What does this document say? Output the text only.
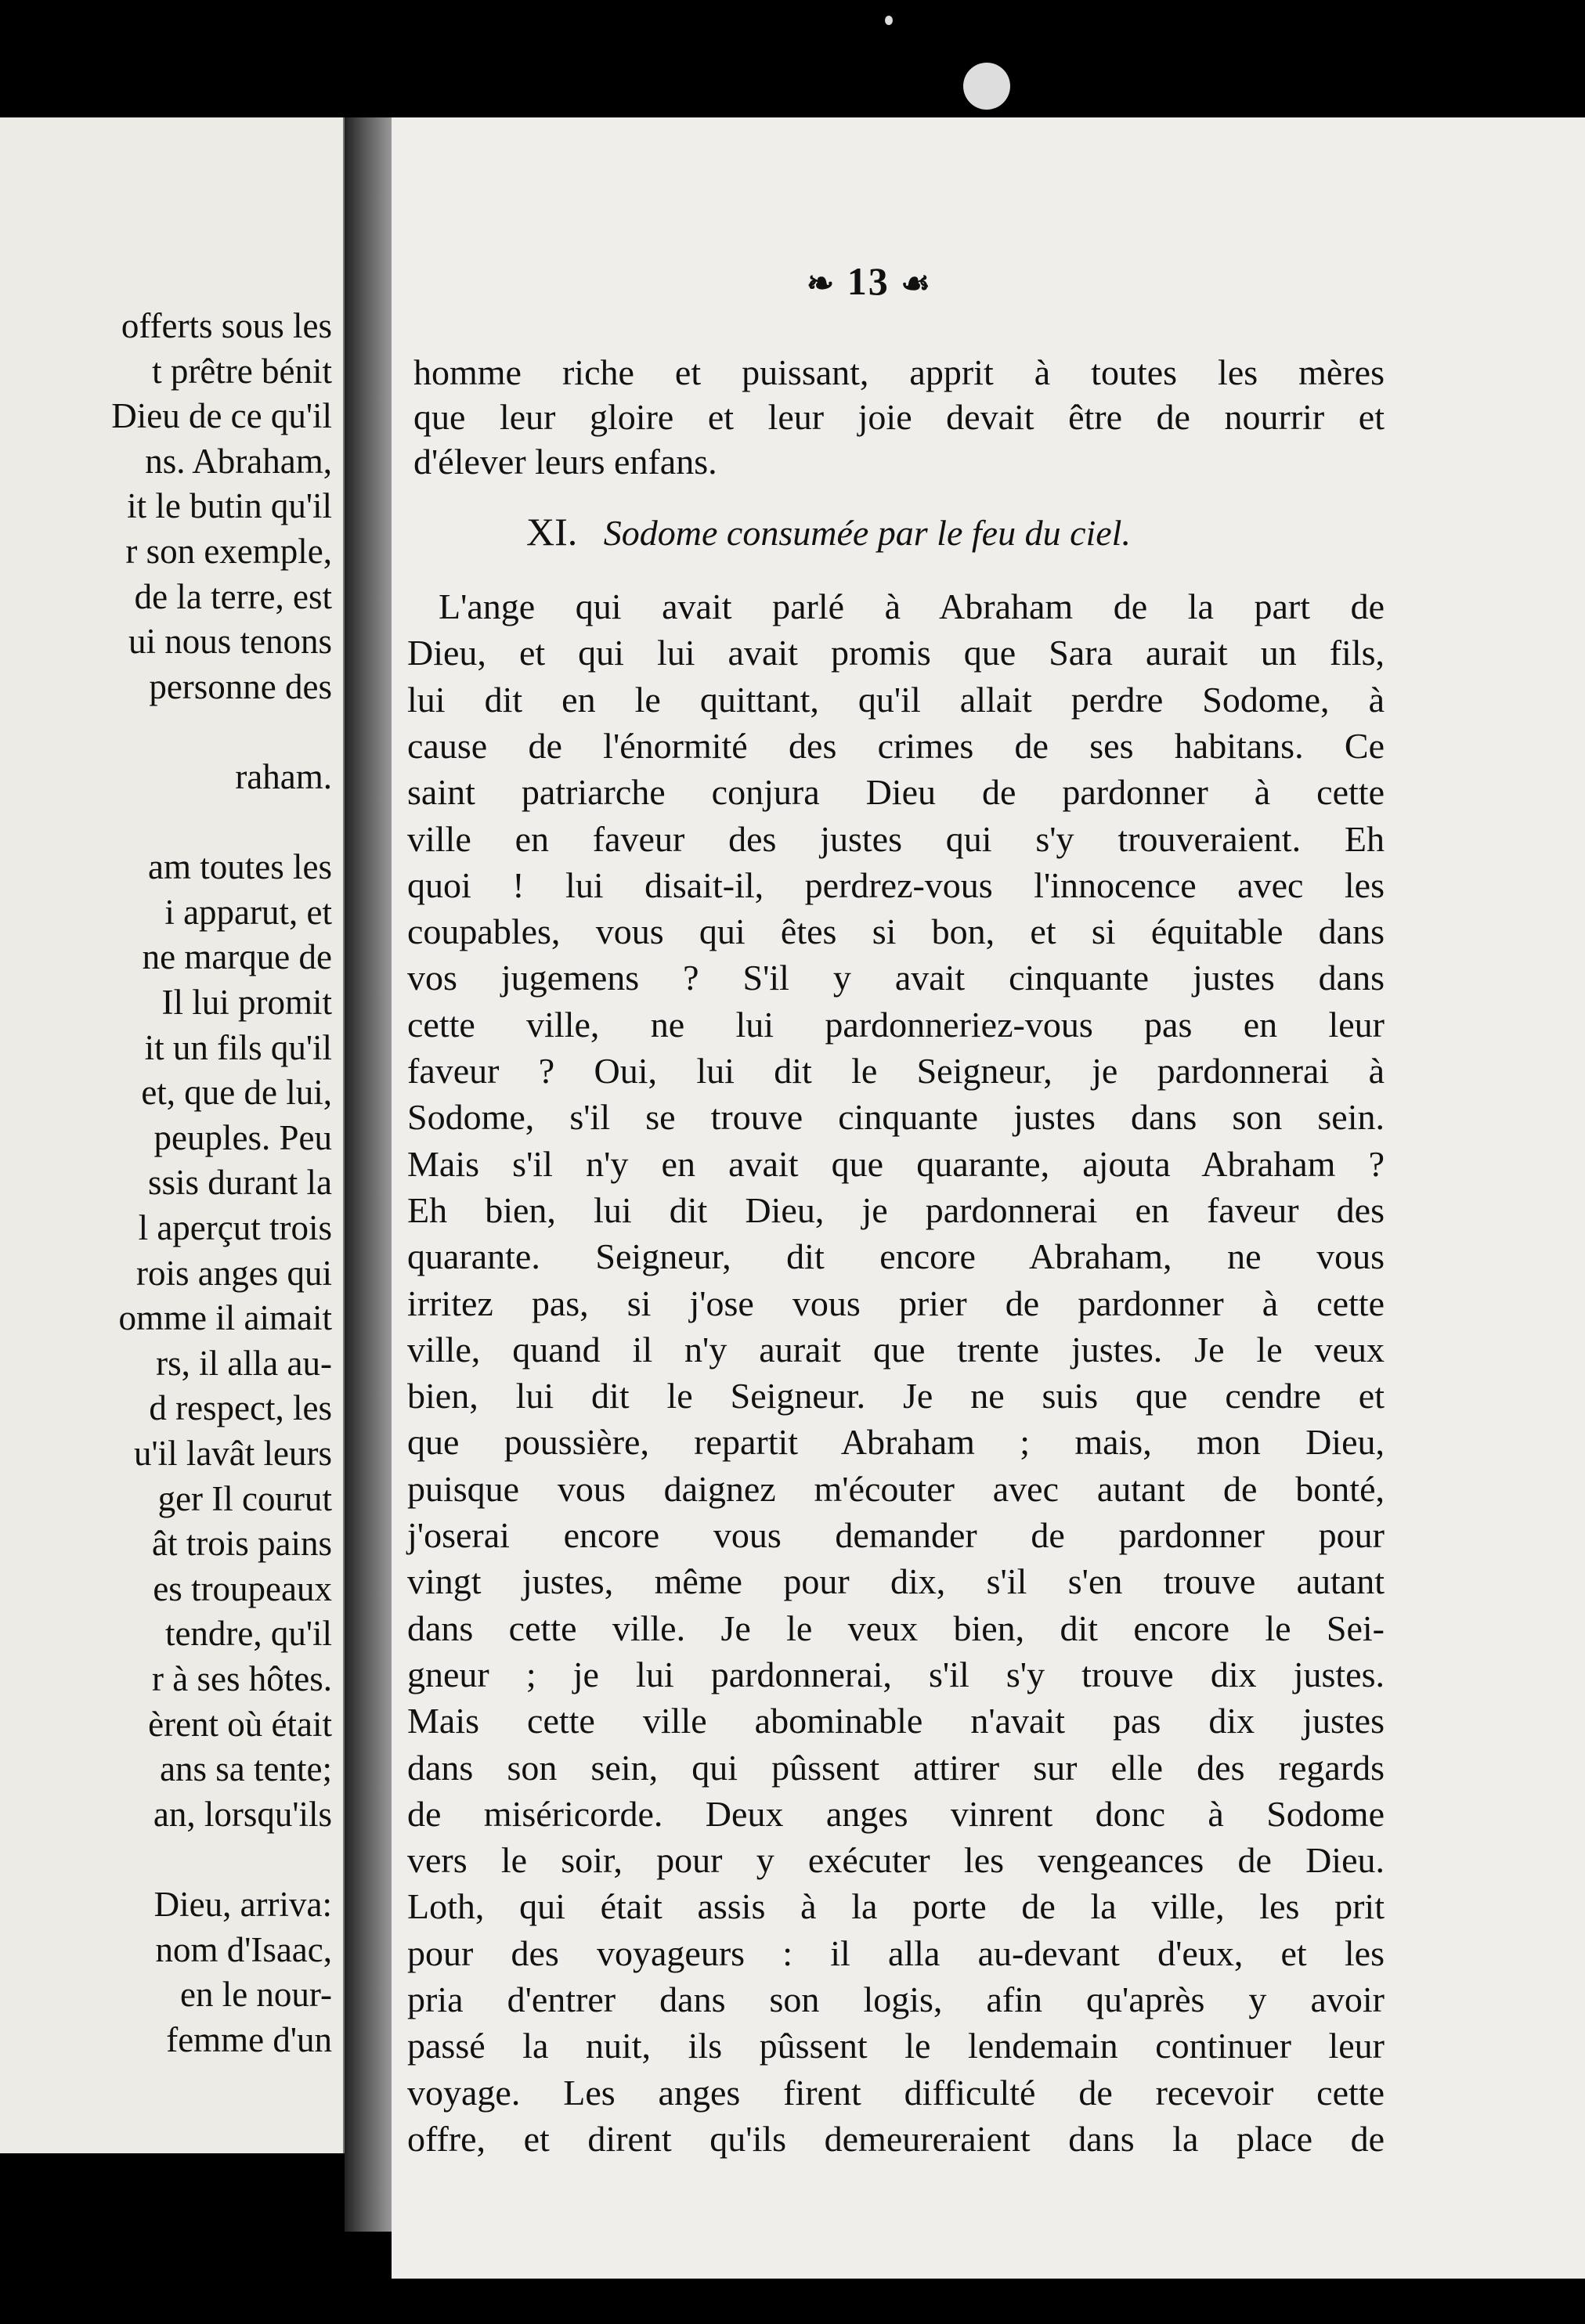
offerts sous les
t prêtre bénit
Dieu de ce qu'il
ns. Abraham,
it le butin qu'il
r son exemple,
de la terre, est
ui nous tenons
personne des
raham.
am toutes les
i apparut, et
ne marque de
Il lui promit
it un fils qu'il
et, que de lui,
peuples. Peu
ssis durant la
l aperçut trois
rois anges qui
omme il aimait
rs, il alla au-
d respect, les
u'il lavât leurs
ger Il courut
ât trois pains
es troupeaux
tendre, qu'il
r à ses hôtes.
èrent où était
ans sa tente;
an, lorsqu'ils
Dieu, arriva:
nom d'Isaac,
en le nour-
femme d'un
❧ 13 ☙
homme riche et puissant, apprit à toutes les mères
que leur gloire et leur joie devait être de nourrir et
d'élever leurs enfans.
XI. Sodome consumée par le feu du ciel.
L'ange qui avait parlé à Abraham de la part de
Dieu, et qui lui avait promis que Sara aurait un fils,
lui dit en le quittant, qu'il allait perdre Sodome, à
cause de l'énormité des crimes de ses habitans. Ce
saint patriarche conjura Dieu de pardonner à cette
ville en faveur des justes qui s'y trouveraient. Eh
quoi ! lui disait-il, perdrez-vous l'innocence avec les
coupables, vous qui êtes si bon, et si équitable dans
vos jugemens ? S'il y avait cinquante justes dans
cette ville, ne lui pardonneriez-vous pas en leur
faveur ? Oui, lui dit le Seigneur, je pardonnerai à
Sodome, s'il se trouve cinquante justes dans son sein.
Mais s'il n'y en avait que quarante, ajouta Abraham ?
Eh bien, lui dit Dieu, je pardonnerai en faveur des
quarante. Seigneur, dit encore Abraham, ne vous
irritez pas, si j'ose vous prier de pardonner à cette
ville, quand il n'y aurait que trente justes. Je le veux
bien, lui dit le Seigneur. Je ne suis que cendre et
que poussière, repartit Abraham ; mais, mon Dieu,
puisque vous daignez m'écouter avec autant de bonté,
j'oserai encore vous demander de pardonner pour
vingt justes, même pour dix, s'il s'en trouve autant
dans cette ville. Je le veux bien, dit encore le Sei-
gneur ; je lui pardonnerai, s'il s'y trouve dix justes.
Mais cette ville abominable n'avait pas dix justes
dans son sein, qui pûssent attirer sur elle des regards
de miséricorde. Deux anges vinrent donc à Sodome
vers le soir, pour y exécuter les vengeances de Dieu.
Loth, qui était assis à la porte de la ville, les prit
pour des voyageurs : il alla au-devant d'eux, et les
pria d'entrer dans son logis, afin qu'après y avoir
passé la nuit, ils pûssent le lendemain continuer leur
voyage. Les anges firent difficulté de recevoir cette
offre, et dirent qu'ils demeureraient dans la place de
